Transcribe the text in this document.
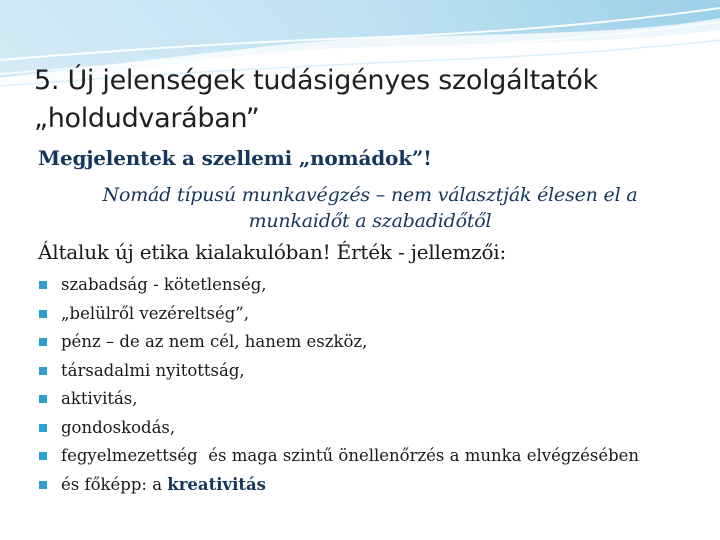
5. Új jelenségek tudásigényes szolgáltatók
„holdudvarában”
Megjelentek a szellemi „nomádok”!
Nomád típusú munkavégzés – nem választják élesen el a
munkaidőt a szabadidőtől
Általuk új etika kialakulóban! Érték - jellemzői:
szabadság - kötetlenség,
„belülről vezéreltség”,
pénz – de az nem cél, hanem eszköz,
társadalmi nyitottság,
aktivitás,
gondoskodás,
fegyelmezettség  és maga szintű önellenőrzés a munka elvégzésében
és főképp: a kreativitás
